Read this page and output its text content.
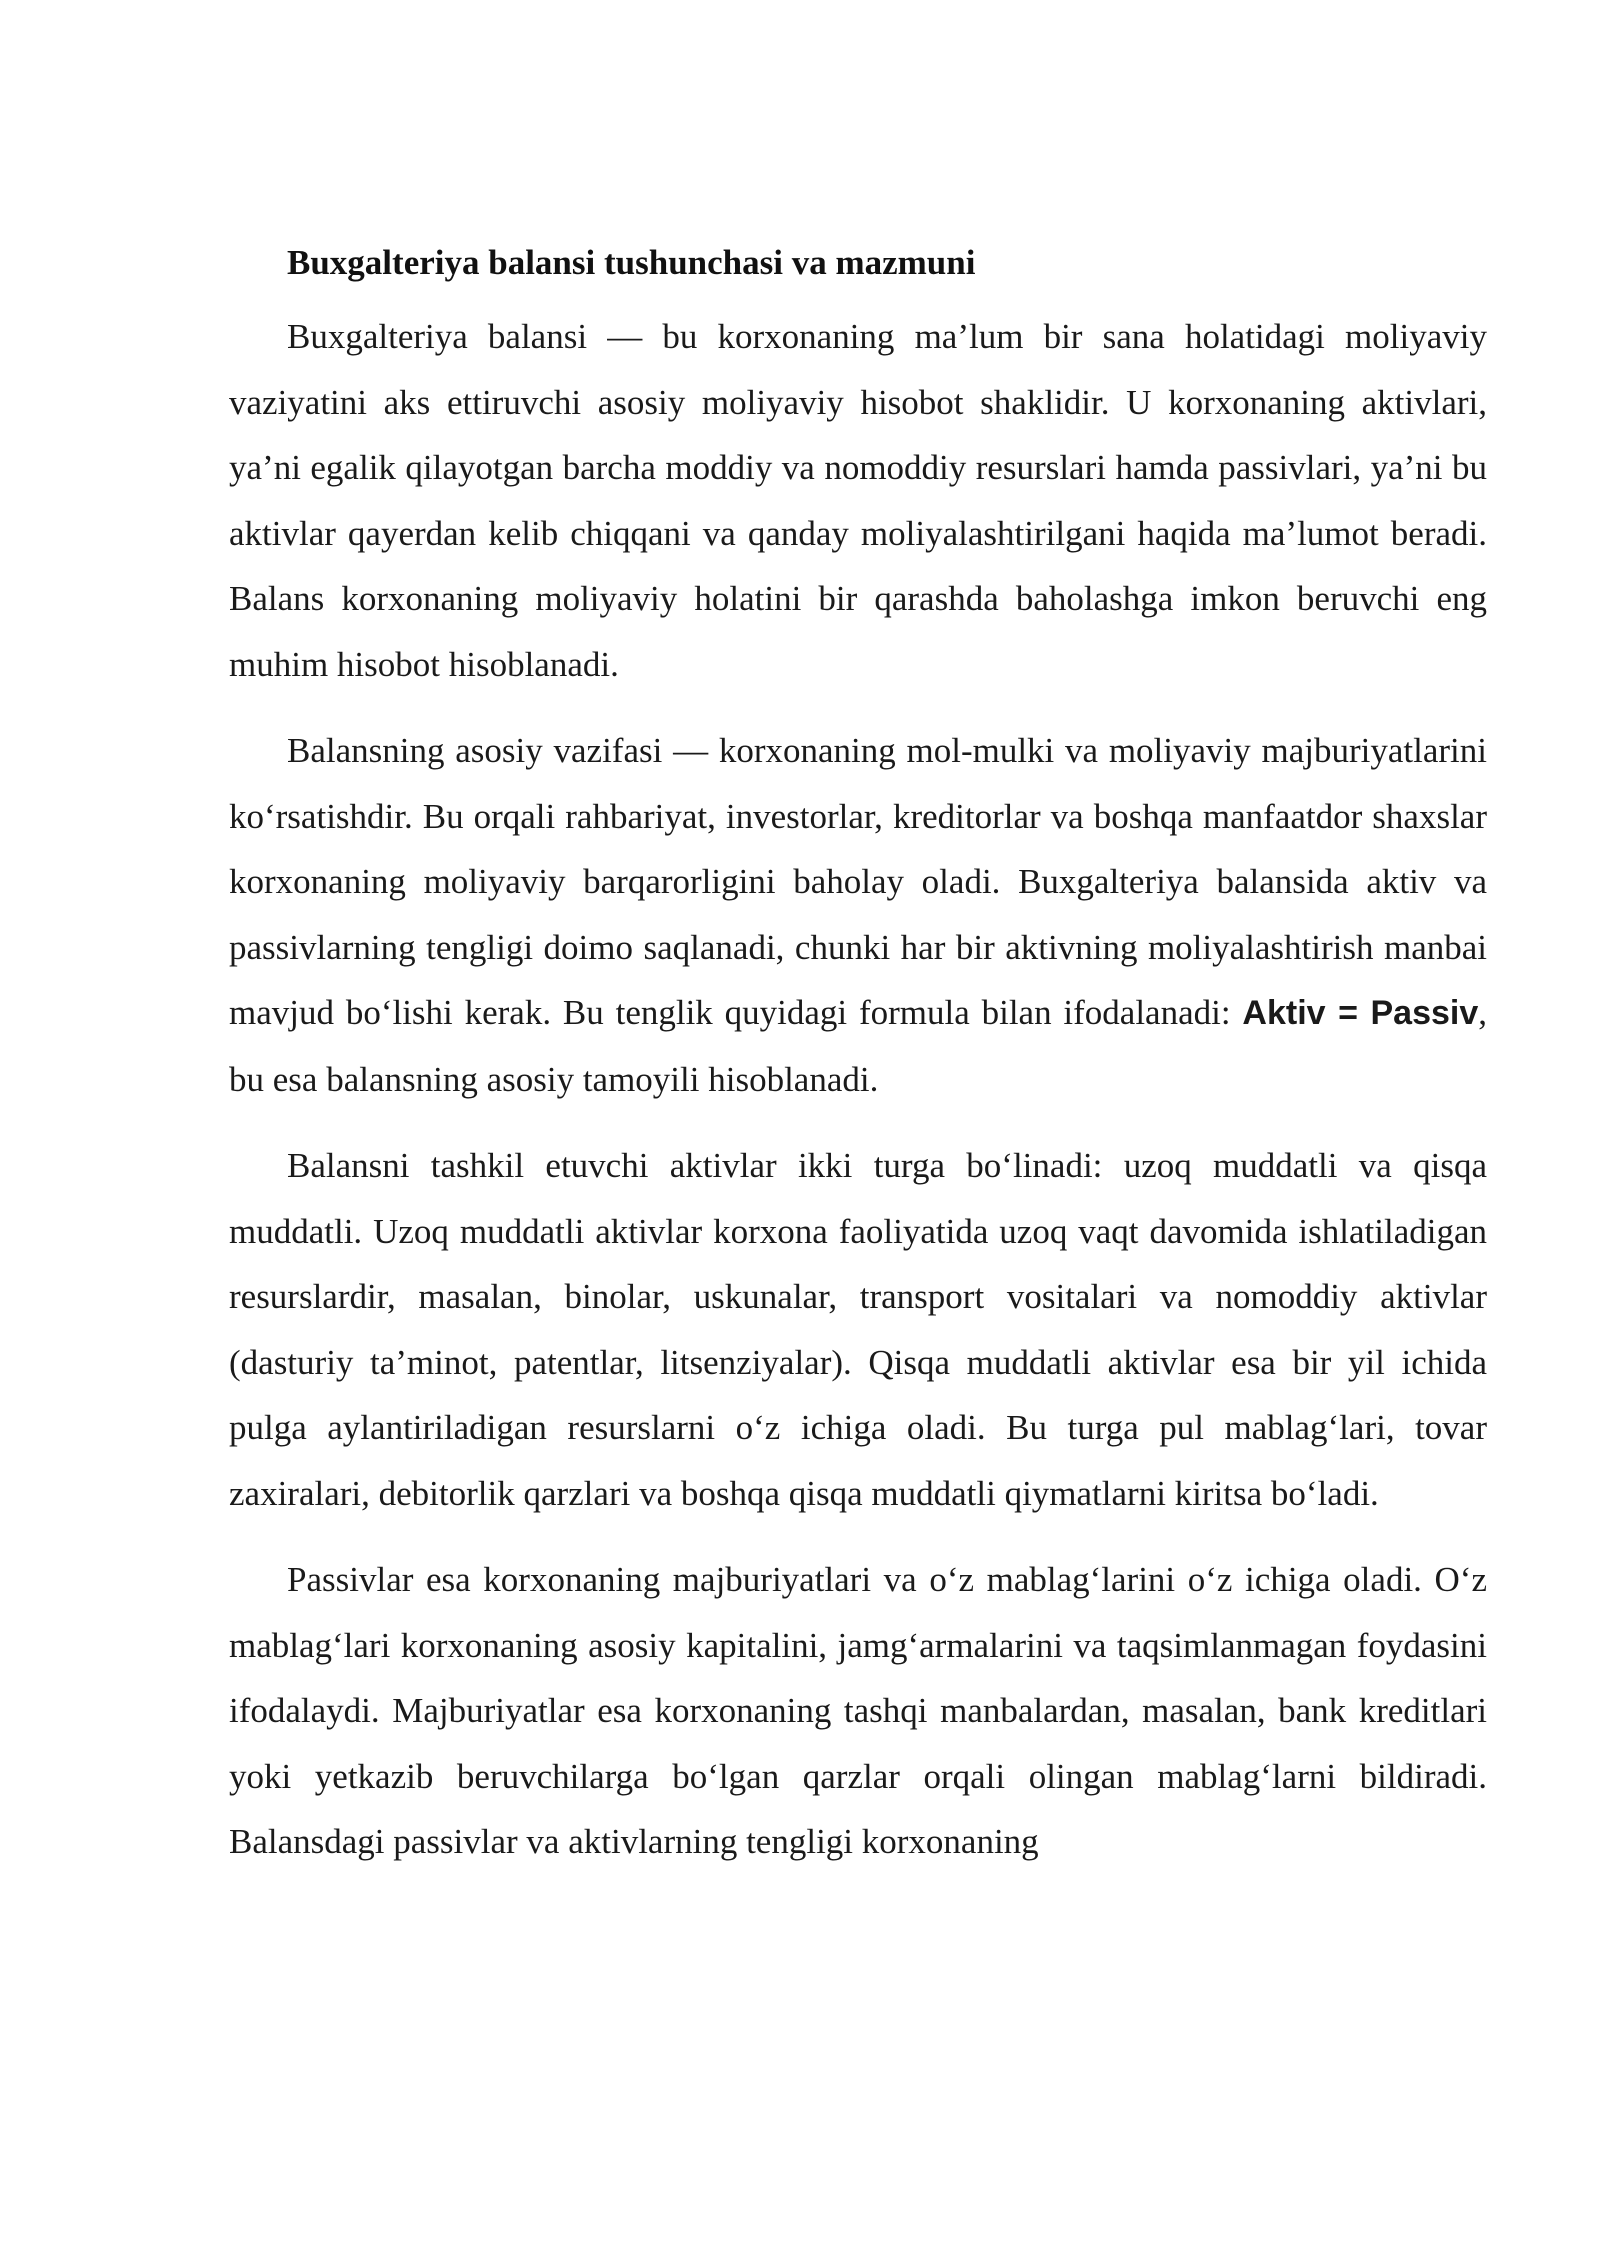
Buxgalteriya balansi tushunchasi va mazmuni

Buxgalteriya balansi — bu korxonaning ma’lum bir sana holatidagi moliyaviy vaziyatini aks ettiruvchi asosiy moliyaviy hisobot shaklidir. U korxonaning aktivlari, ya’ni egalik qilayotgan barcha moddiy va nomoddiy resurslari hamda passivlari, ya’ni bu aktivlar qayerdan kelib chiqqani va qanday moliyalashtirilgani haqida ma’lumot beradi. Balans korxonaning moliyaviy holatini bir qarashda baholashga imkon beruvchi eng muhim hisobot hisoblanadi.

Balansning asosiy vazifasi — korxonaning mol-mulki va moliyaviy majburiyatlarini ko‘rsatishdir. Bu orqali rahbariyat, investorlar, kreditorlar va boshqa manfaatdor shaxslar korxonaning moliyaviy barqarorligini baholay oladi. Buxgalteriya balansida aktiv va passivlarning tengligi doimo saqlanadi, chunki har bir aktivning moliyalashtirish manbai mavjud bo‘lishi kerak. Bu tenglik quyidagi formula bilan ifodalanadi: Aktiv = Passiv, bu esa balansning asosiy tamoyili hisoblanadi.

Balansni tashkil etuvchi aktivlar ikki turga bo‘linadi: uzoq muddatli va qisqa muddatli. Uzoq muddatli aktivlar korxona faoliyatida uzoq vaqt davomida ishlatiladigan resurslardir, masalan, binolar, uskunalar, transport vositalari va nomoddiy aktivlar (dasturiy ta’minot, patentlar, litsenziyalar). Qisqa muddatli aktivlar esa bir yil ichida pulga aylantiriladigan resurslarni o‘z ichiga oladi. Bu turga pul mablag‘lari, tovar zaxiralari, debitorlik qarzlari va boshqa qisqa muddatli qiymatlarni kiritsa bo‘ladi.

Passivlar esa korxonaning majburiyatlari va o‘z mablag‘larini o‘z ichiga oladi. O‘z mablag‘lari korxonaning asosiy kapitalini, jamg‘armalarini va taqsimlanmagan foydasini ifodalaydi. Majburiyatlar esa korxonaning tashqi manbalardan, masalan, bank kreditlari yoki yetkazib beruvchilarga bo‘lgan qarzlar orqali olingan mablag‘larni bildiradi. Balansdagi passivlar va aktivlarning tengligi korxonaning
